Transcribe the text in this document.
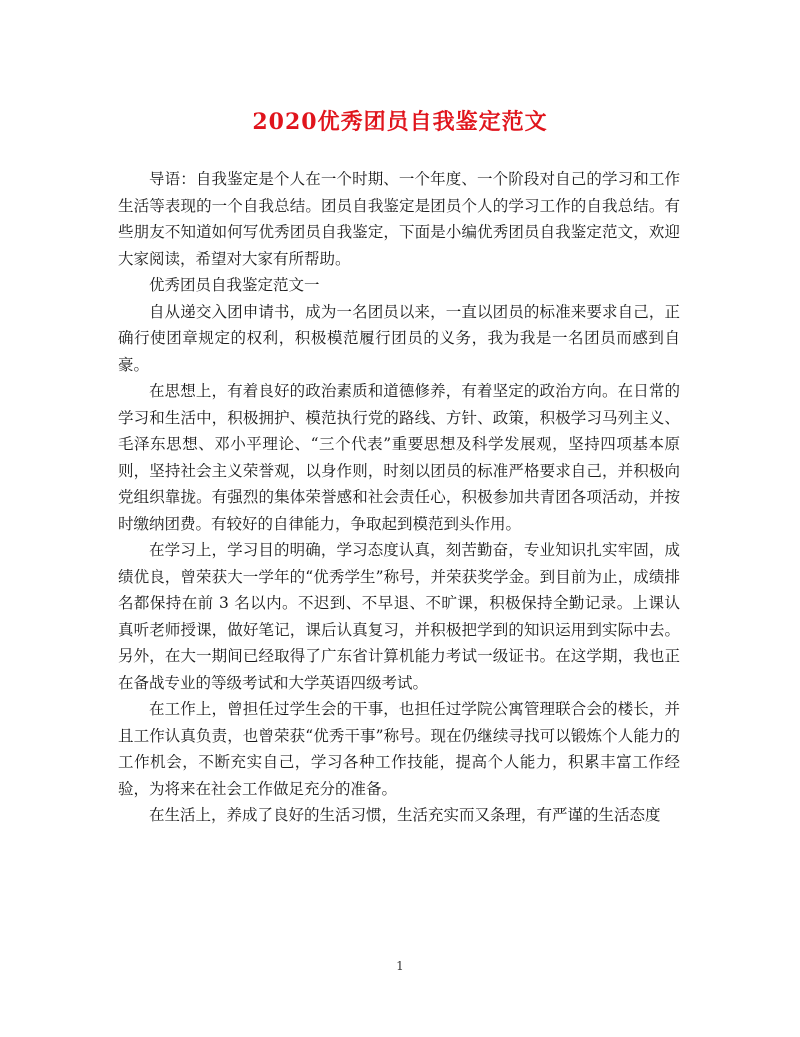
2020优秀团员自我鉴定范文

导语：自我鉴定是个人在一个时期、一个年度、一个阶段对自己的学习和工作生活等表现的一个自我总结。团员自我鉴定是团员个人的学习工作的自我总结。有些朋友不知道如何写优秀团员自我鉴定，下面是小编优秀团员自我鉴定范文，欢迎大家阅读，希望对大家有所帮助。

优秀团员自我鉴定范文一

自从递交入团申请书，成为一名团员以来，一直以团员的标准来要求自己，正确行使团章规定的权利，积极模范履行团员的义务，我为我是一名团员而感到自豪。

在思想上，有着良好的政治素质和道德修养，有着坚定的政治方向。在日常的学习和生活中，积极拥护、模范执行党的路线、方针、政策，积极学习马列主义、毛泽东思想、邓小平理论、“三个代表”重要思想及科学发展观，坚持四项基本原则，坚持社会主义荣誉观，以身作则，时刻以团员的标准严格要求自己，并积极向党组织靠拢。有强烈的集体荣誉感和社会责任心，积极参加共青团各项活动，并按时缴纳团费。有较好的自律能力，争取起到模范到头作用。

在学习上，学习目的明确，学习态度认真，刻苦勤奋，专业知识扎实牢固，成绩优良，曾荣获大一学年的“优秀学生”称号，并荣获奖学金。到目前为止，成绩排名都保持在前 3 名以内。不迟到、不早退、不旷课，积极保持全勤记录。上课认真听老师授课，做好笔记，课后认真复习，并积极把学到的知识运用到实际中去。另外，在大一期间已经取得了广东省计算机能力考试一级证书。在这学期，我也正在备战专业的等级考试和大学英语四级考试。

在工作上，曾担任过学生会的干事，也担任过学院公寓管理联合会的楼长，并且工作认真负责，也曾荣获“优秀干事”称号。现在仍继续寻找可以锻炼个人能力的工作机会，不断充实自己，学习各种工作技能，提高个人能力，积累丰富工作经验，为将来在社会工作做足充分的准备。

在生活上，养成了良好的生活习惯，生活充实而又条理，有严谨的生活态度

1
